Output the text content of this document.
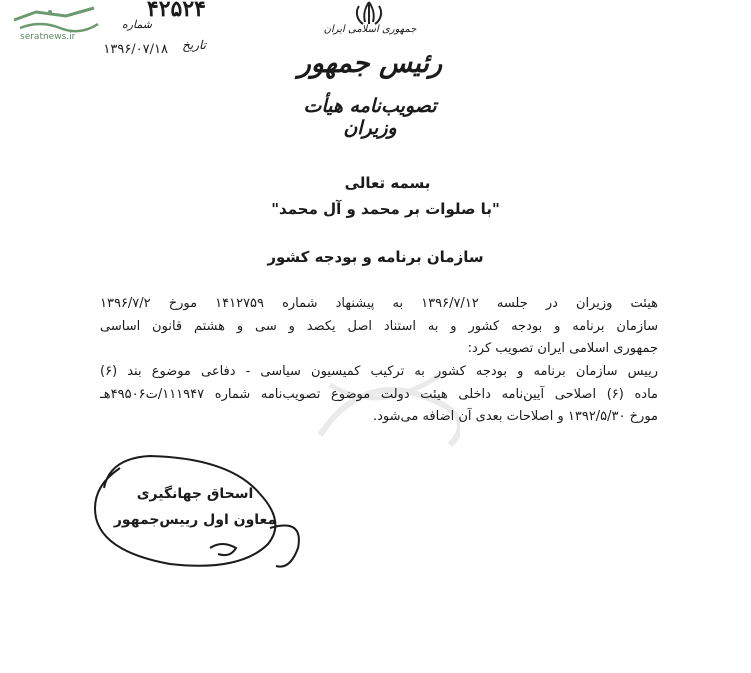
seratnews.ir
۴۲۵۲۴
شماره
تاریخ
۱۳۹۶/۰۷/۱۸
جمهوری اسلامی ایران
رئیس جمهور
تصویب‌نامه هیأت وزیران
بسمه تعالی
"با صلوات بر محمد و آل محمد"
سازمان برنامه و بودجه کشور
هیئت وزیران در جلسه ۱۳۹۶/۷/۱۲ به پیشنهاد شماره ۱۴۱۲۷۵۹ مورخ ۱۳۹۶/۷/۲
سازمان برنامه و بودجه کشور و به استناد اصل یکصد و سی و هشتم قانون اساسی
جمهوری اسلامی ایران تصویب کرد:
رییس سازمان برنامه و بودجه کشور به ترکیب کمیسیون سیاسی - دفاعی موضوع بند (۶)
ماده (۶) اصلاحی آیین‌نامه داخلی هیئت دولت موضوع تصویب‌نامه شماره ۱۱۱۹۴۷/ت۴۹۵۰۶هـ
مورخ ۱۳۹۲/۵/۳۰ و اصلاحات بعدی آن اضافه می‌شود.
اسحاق جهانگیری
معاون اول رییس‌جمهور
